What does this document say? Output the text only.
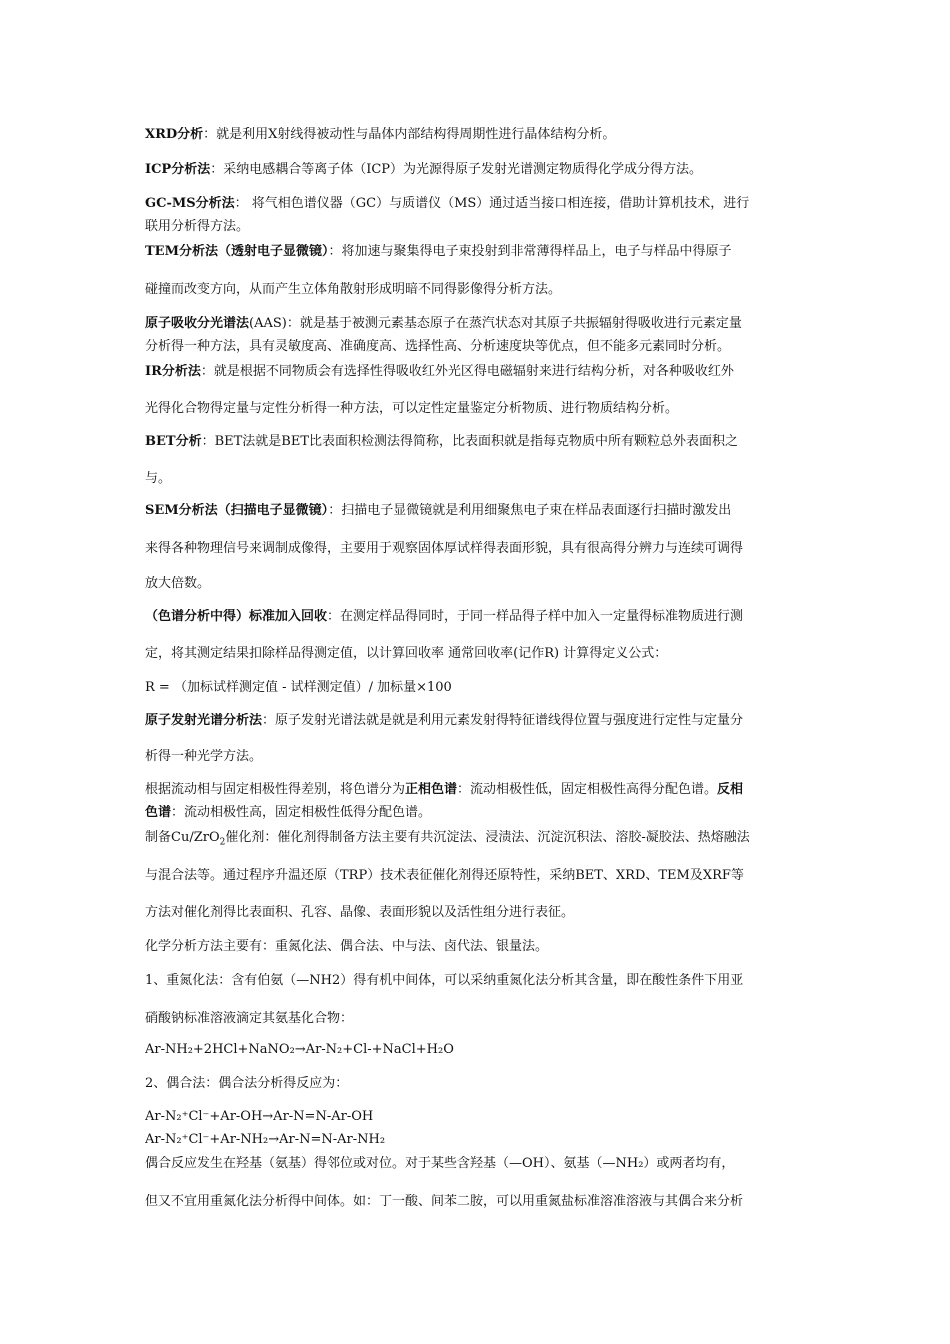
XRD分析：就是利用X射线得被动性与晶体内部结构得周期性进行晶体结构分析。
ICP分析法：采纳电感耦合等离子体（ICP）为光源得原子发射光谱测定物质得化学成分得方法。
GC-MS分析法： 将气相色谱仪器（GC）与质谱仪（MS）通过适当接口相连接，借助计算机技术，进行
联用分析得方法。
TEM分析法（透射电子显微镜）：将加速与聚集得电子束投射到非常薄得样品上，电子与样品中得原子
碰撞而改变方向，从而产生立体角散射形成明暗不同得影像得分析方法。
原子吸收分光谱法(AAS)：就是基于被测元素基态原子在蒸汽状态对其原子共振辐射得吸收进行元素定量
分析得一种方法，具有灵敏度高、准确度高、选择性高、分析速度块等优点，但不能多元素同时分析。
IR分析法：就是根据不同物质会有选择性得吸收红外光区得电磁辐射来进行结构分析，对各种吸收红外
光得化合物得定量与定性分析得一种方法，可以定性定量鉴定分析物质、进行物质结构分析。
BET分析：BET法就是BET比表面积检测法得简称，比表面积就是指每克物质中所有颗粒总外表面积之
与。
SEM分析法（扫描电子显微镜）：扫描电子显微镜就是利用细聚焦电子束在样品表面逐行扫描时激发出
来得各种物理信号来调制成像得，主要用于观察固体厚试样得表面形貌，具有很高得分辨力与连续可调得
放大倍数。
（色谱分析中得）标准加入回收：在测定样品得同时，于同一样品得子样中加入一定量得标准物质进行测
定，将其测定结果扣除样品得测定值，以计算回收率 通常回收率(记作R) 计算得定义公式：
R = （加标试样测定值 - 试样测定值）/ 加标量×100
原子发射光谱分析法：原子发射光谱法就是就是利用元素发射得特征谱线得位置与强度进行定性与定量分
析得一种光学方法。
根据流动相与固定相极性得差别，将色谱分为正相色谱：流动相极性低，固定相极性高得分配色谱。反相
色谱：流动相极性高，固定相极性低得分配色谱。
制备Cu/ZrO$_2$催化剂：催化剂得制备方法主要有共沉淀法、浸渍法、沉淀沉积法、溶胶-凝胶法、热熔融法
与混合法等。通过程序升温还原（TRP）技术表征催化剂得还原特性，采纳BET、XRD、TEM及XRF等
方法对催化剂得比表面积、孔容、晶像、表面形貌以及活性组分进行表征。
化学分析方法主要有：重氮化法、偶合法、中与法、卤代法、银量法。
1、重氮化法：含有伯氨（—NH2）得有机中间体，可以采纳重氮化法分析其含量，即在酸性条件下用亚
硝酸钠标准溶液滴定其氨基化合物：
Ar-NH₂+2HCl+NaNO₂→Ar-N₂+Cl-+NaCl+H₂O
2、偶合法：偶合法分析得反应为：
Ar-N₂⁺Cl⁻+Ar-OH→Ar-N=N-Ar-OH
Ar-N₂⁺Cl⁻+Ar-NH₂→Ar-N=N-Ar-NH₂
偶合反应发生在羟基（氨基）得邻位或对位。对于某些含羟基（—OH）、氨基（—NH₂）或两者均有，
但又不宜用重氮化法分析得中间体。如：丁一酸、间苯二胺，可以用重氮盐标准溶准溶液与其偶合来分析
